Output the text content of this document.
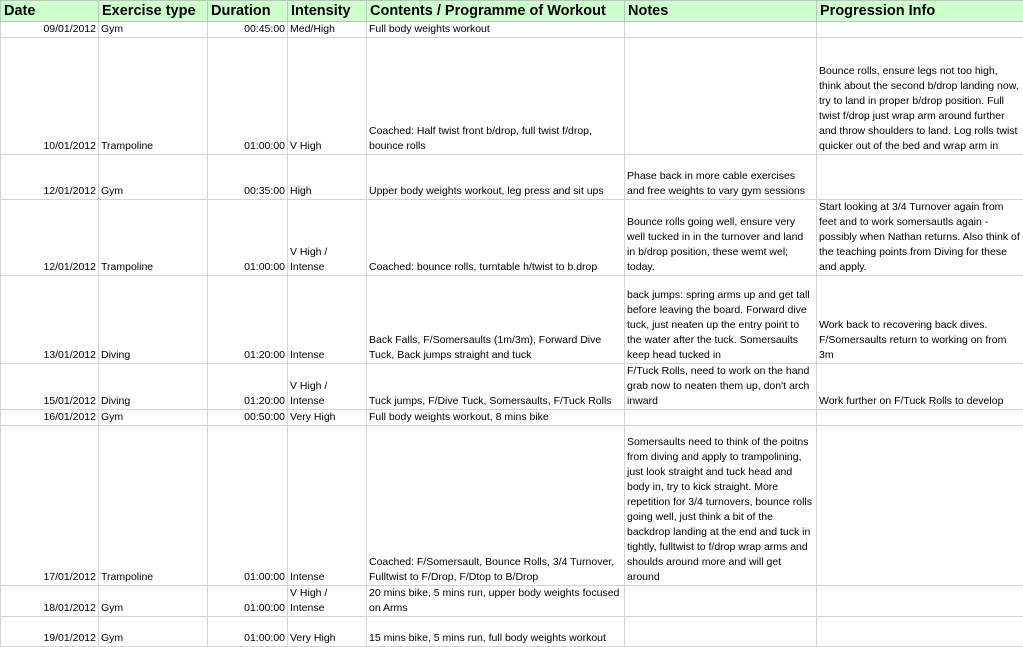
Date	Exercise type	Duration	Intensity	Contents / Programme of Workout	Notes	Progression Info
09/01/2012	Gym	00:45:00	Med/High	Full body weights workout		
10/01/2012	Trampoline	01:00:00	V High	Coached: Half twist front b/drop, full twist f/drop, bounce rolls		Bounce rolls, ensure legs not too high, think about the second b/drop landing now, try to land in proper b/drop position. Full twist f/drop just wrap arm around further and throw shoulders to land. Log rolls twist quicker out of the bed and wrap arm in
12/01/2012	Gym	00:35:00	High	Upper body weights workout, leg press and sit ups	Phase back in more cable exercises and free weights to vary gym sessions	
12/01/2012	Trampoline	01:00:00	V High / Intense	Coached: bounce rolls, turntable h/twist to b.drop	Bounce rolls going well, ensure very well tucked in in the turnover and land in b/drop position, these wemt wel; today.	Start looking at 3/4 Turnover again from feet and to work somersautls again - possibly when Nathan returns. Also think of the teaching points from Diving for these and apply.
13/01/2012	Diving	01:20:00	Intense	Back Falls, F/Somersaults (1m/3m), Forward Dive Tuck, Back jumps straight and tuck	back jumps: spring arms up and get tall before leaving the board. Forward dive tuck, just neaten up the entry point to the water after the tuck. Somersaults keep head tucked in	Work back to recovering back dives. F/Somersaults return to working on from 3m
15/01/2012	Diving	01:20:00	V High / Intense	Tuck jumps, F/Dive Tuck, Somersaults, F/Tuck Rolls	F/Tuck Rolls, need to work on the hand grab now to neaten them up, don't arch inward	Work further on F/Tuck Rolls to develop
16/01/2012	Gym	00:50:00	Very High	Full body weights workout, 8 mins bike		
17/01/2012	Trampoline	01:00:00	Intense	Coached: F/Somersault, Bounce Rolls, 3/4 Turnover, Fulltwist to F/Drop, F/Dtop to B/Drop	Somersaults need to think of the poitns from diving and apply to trampolining, just look straight and tuck head and body in, try to kick straight. More repetition for 3/4 turnovers, bounce rolls going well, just think a bit of the backdrop landing at the end and tuck in tightly, fulltwist to f/drop wrap arms and shoulds around more and will get around	
18/01/2012	Gym	01:00:00	V High / Intense	20 mins bike, 5 mins run, upper body weights focused on Arms		
19/01/2012	Gym	01:00:00	Very High	15 mins bike, 5 mins run, full body weights workout		
